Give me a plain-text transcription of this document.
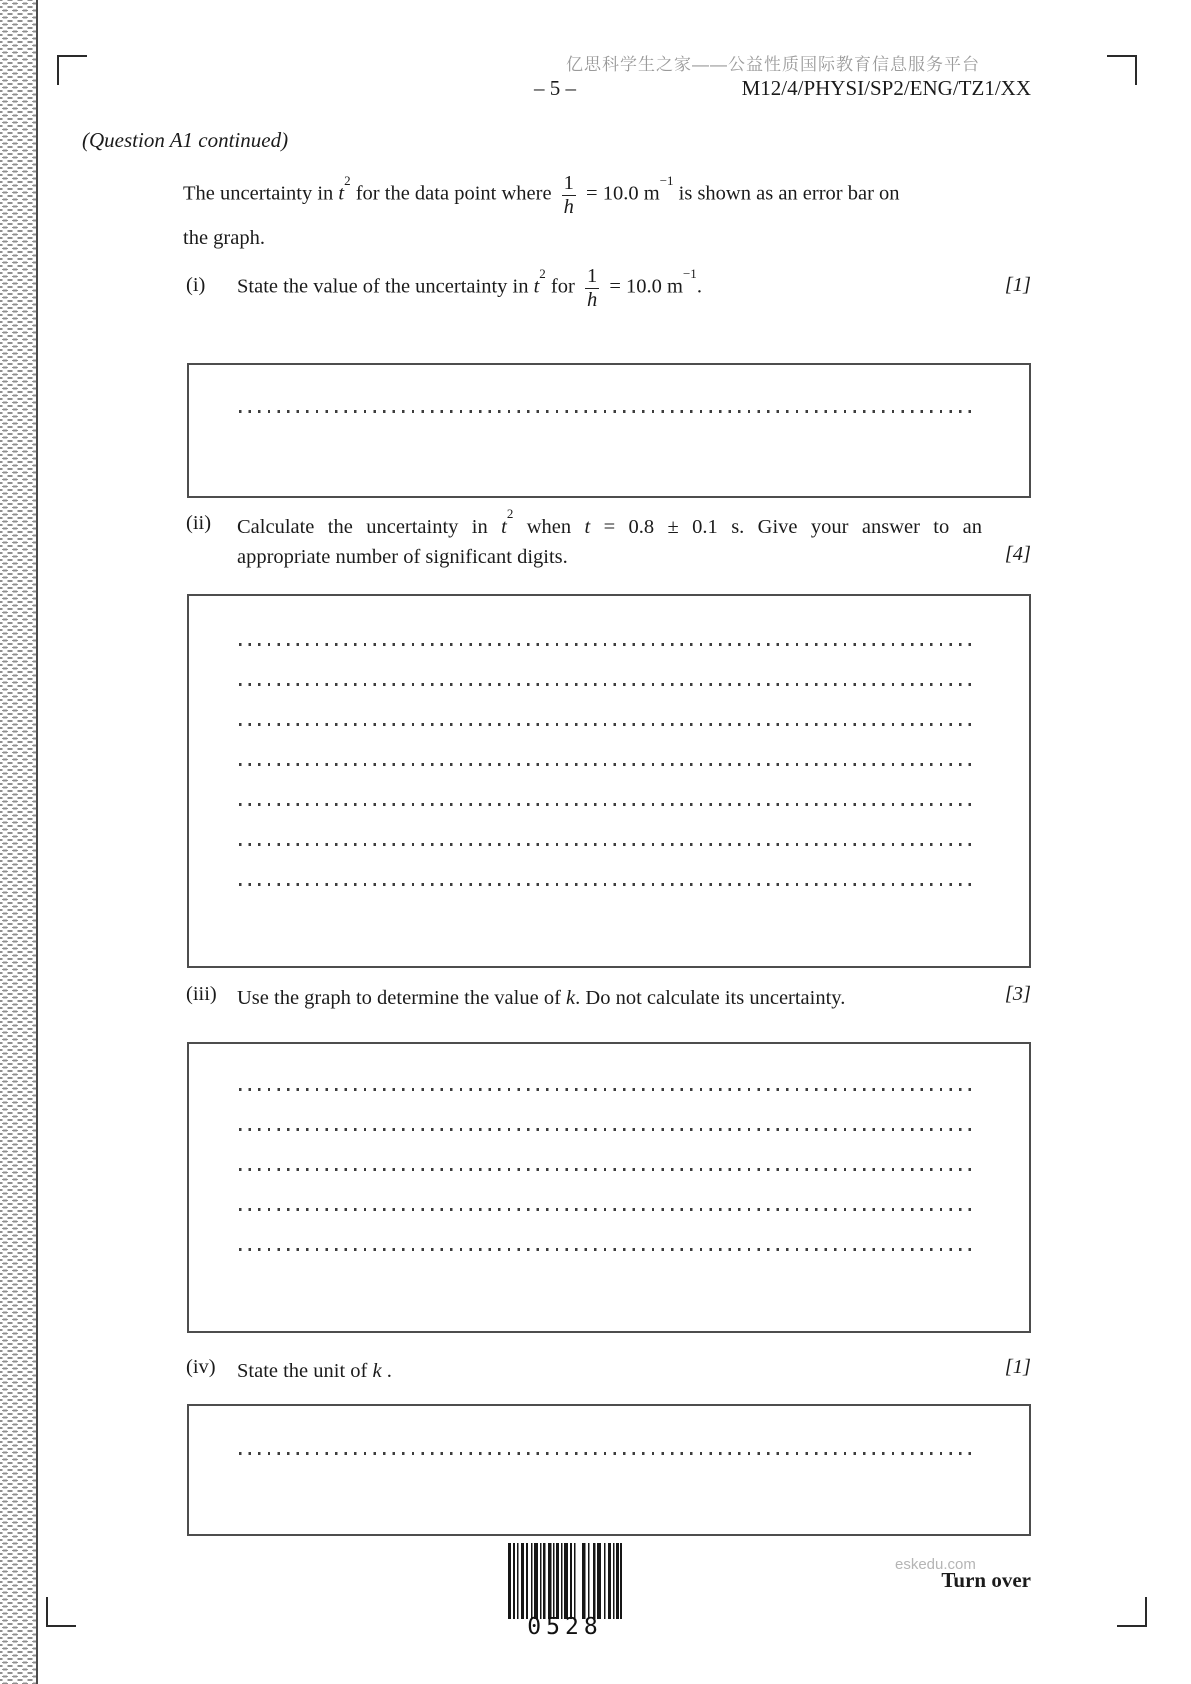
亿思科学生之家——公益性质国际教育信息服务平台
– 5 –	M12/4/PHYSI/SP2/ENG/TZ1/XX
(Question A1 continued)
The uncertainty in $t^2$ for the data point where $\frac{1}{h} = 10.0$ $m^{-1}$ is shown as an error bar on
the graph.
(i) State the value of the uncertainty in $t^2$ for $\frac{1}{h} = 10.0$ $m^{-1}$.	[1]
(ii) Calculate the uncertainty in $t^2$ when t = 0.8 ± 0.1 s. Give your answer to an
appropriate number of significant digits.	[4]
(iii) Use the graph to determine the value of k. Do not calculate its uncertainty.	[3]
(iv) State the unit of k .	[1]
0528
eskedu.com
Turn over
